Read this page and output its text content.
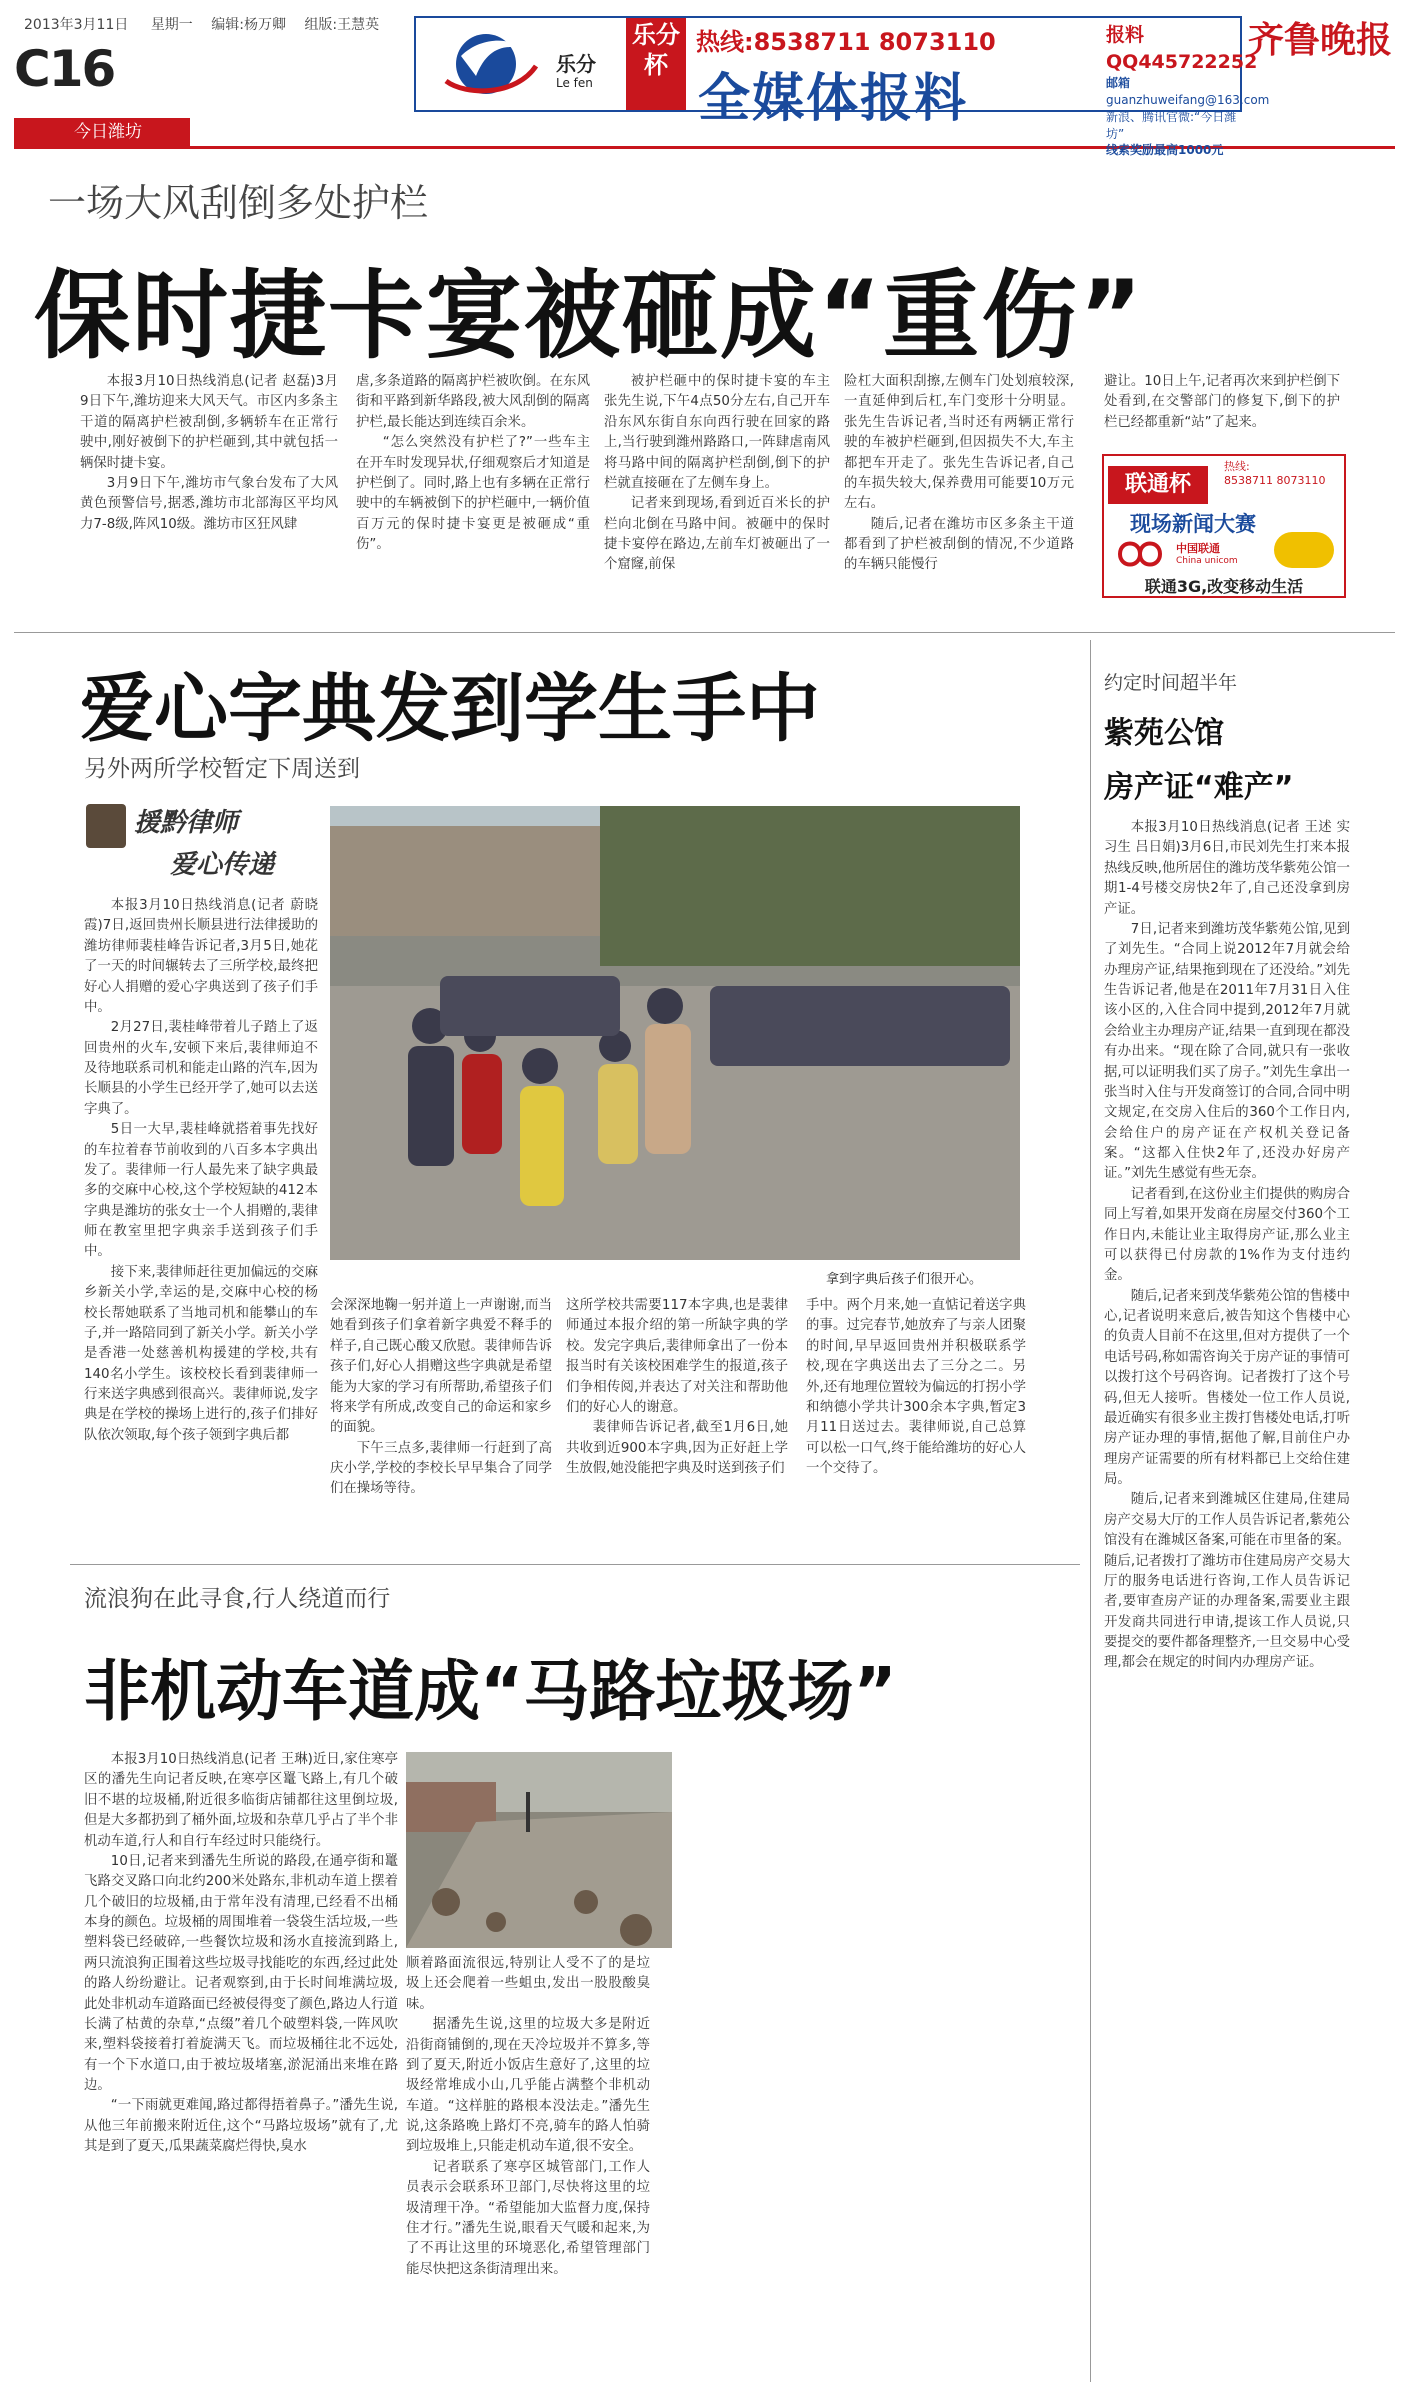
2013年3月11日 星期一 编辑:杨万卿 组版:王慧英
C16
今日潍坊
齐鲁晚报
乐分
Le fen
乐分杯
热线:8538711 8073110
全媒体报料
报料QQ445722252
邮箱 guanzhuweifang@163.com
新浪、腾讯官微:“今日潍坊”
线索奖励最高1000元
一场大风刮倒多处护栏
保时捷卡宴被砸成“重伤”

本报3月10日热线消息(记者 赵磊)3月9日下午,潍坊迎来大风天气。市区内多条主干道的隔离护栏被刮倒,多辆轿车在正常行驶中,刚好被倒下的护栏砸到,其中就包括一辆保时捷卡宴。

3月9日下午,潍坊市气象台发布了大风黄色预警信号,据悉,潍坊市北部海区平均风力7-8级,阵风10级。潍坊市区狂风肆

虐,多条道路的隔离护栏被吹倒。在东风街和平路到新华路段,被大风刮倒的隔离护栏,最长能达到连续百余米。

“怎么突然没有护栏了?”一些车主在开车时发现异状,仔细观察后才知道是护栏倒了。同时,路上也有多辆在正常行驶中的车辆被倒下的护栏砸中,一辆价值百万元的保时捷卡宴更是被砸成“重伤”。

被护栏砸中的保时捷卡宴的车主张先生说,下午4点50分左右,自己开车沿东风东街自东向西行驶在回家的路上,当行驶到潍州路路口,一阵肆虐南风将马路中间的隔离护栏刮倒,倒下的护栏就直接砸在了左侧车身上。

记者来到现场,看到近百米长的护栏向北倒在马路中间。被砸中的保时捷卡宴停在路边,左前车灯被砸出了一个窟窿,前保

险杠大面积刮擦,左侧车门处划痕较深,一直延伸到后杠,车门变形十分明显。张先生告诉记者,当时还有两辆正常行驶的车被护栏砸到,但因损失不大,车主都把车开走了。张先生告诉记者,自己的车损失较大,保养费用可能要10万元左右。

随后,记者在潍坊市区多条主干道都看到了护栏被刮倒的情况,不少道路的车辆只能慢行

避让。10日上午,记者再次来到护栏倒下处看到,在交警部门的修复下,倒下的护栏已经都重新“站”了起来。

联通杯
热线:
8538711 8073110
现场新闻大赛
中国联通
China unicom
联通3G,改变移动生活
爱心字典发到学生手中
另外两所学校暂定下周送到
援黔律师
爱心传递

本报3月10日热线消息(记者 蔚晓霞)7日,返回贵州长顺县进行法律援助的潍坊律师裴桂峰告诉记者,3月5日,她花了一天的时间辗转去了三所学校,最终把好心人捐赠的爱心字典送到了孩子们手中。

2月27日,裴桂峰带着儿子踏上了返回贵州的火车,安顿下来后,裴律师迫不及待地联系司机和能走山路的汽车,因为长顺县的小学生已经开学了,她可以去送字典了。

5日一大早,裴桂峰就搭着事先找好的车拉着春节前收到的八百多本字典出发了。裴律师一行人最先来了缺字典最多的交麻中心校,这个学校短缺的412本字典是潍坊的张女士一个人捐赠的,裴律师在教室里把字典亲手送到孩子们手中。

接下来,裴律师赶往更加偏远的交麻乡新关小学,幸运的是,交麻中心校的杨校长帮她联系了当地司机和能攀山的车子,并一路陪同到了新关小学。新关小学是香港一处慈善机构援建的学校,共有140名小学生。该校校长看到裴律师一行来送字典感到很高兴。裴律师说,发字典是在学校的操场上进行的,孩子们排好队依次领取,每个孩子领到字典后都

拿到字典后孩子们很开心。

会深深地鞠一躬并道上一声谢谢,而当她看到孩子们拿着新字典爱不释手的样子,自己既心酸又欣慰。裴律师告诉孩子们,好心人捐赠这些字典就是希望能为大家的学习有所帮助,希望孩子们将来学有所成,改变自己的命运和家乡的面貌。

下午三点多,裴律师一行赶到了高庆小学,学校的李校长早早集合了同学们在操场等待。

这所学校共需要117本字典,也是裴律师通过本报介绍的第一所缺字典的学校。发完字典后,裴律师拿出了一份本报当时有关该校困难学生的报道,孩子们争相传阅,并表达了对关注和帮助他们的好心人的谢意。

裴律师告诉记者,截至1月6日,她共收到近900本字典,因为正好赶上学生放假,她没能把字典及时送到孩子们

手中。两个月来,她一直惦记着送字典的事。过完春节,她放弃了与亲人团聚的时间,早早返回贵州并积极联系学校,现在字典送出去了三分之二。另外,还有地理位置较为偏远的打拐小学和纳德小学共计300余本字典,暂定3月11日送过去。裴律师说,自己总算可以松一口气,终于能给潍坊的好心人一个交待了。

流浪狗在此寻食,行人绕道而行
非机动车道成“马路垃圾场”

本报3月10日热线消息(记者 王琳)近日,家住寒亭区的潘先生向记者反映,在寒亭区鼍飞路上,有几个破旧不堪的垃圾桶,附近很多临街店铺都往这里倒垃圾,但是大多都扔到了桶外面,垃圾和杂草几乎占了半个非机动车道,行人和自行车经过时只能绕行。

10日,记者来到潘先生所说的路段,在通亭街和鼍飞路交叉路口向北约200米处路东,非机动车道上摆着几个破旧的垃圾桶,由于常年没有清理,已经看不出桶本身的颜色。垃圾桶的周围堆着一袋袋生活垃圾,一些塑料袋已经破碎,一些餐饮垃圾和汤水直接流到路上,两只流浪狗正围着这些垃圾寻找能吃的东西,经过此处的路人纷纷避让。记者观察到,由于长时间堆满垃圾,此处非机动车道路面已经被侵得变了颜色,路边人行道长满了枯黄的杂草,“点缀”着几个破塑料袋,一阵风吹来,塑料袋接着打着旋满天飞。而垃圾桶往北不远处,有一个下水道口,由于被垃圾堵塞,淤泥涌出来堆在路边。

“一下雨就更难闻,路过都得捂着鼻子。”潘先生说,从他三年前搬来附近住,这个“马路垃圾场”就有了,尤其是到了夏天,瓜果蔬菜腐烂得快,臭水

顺着路面流很远,特别让人受不了的是垃圾上还会爬着一些蛆虫,发出一股股酸臭味。

据潘先生说,这里的垃圾大多是附近沿街商铺倒的,现在天冷垃圾并不算多,等到了夏天,附近小饭店生意好了,这里的垃圾经常堆成小山,几乎能占满整个非机动车道。“这样脏的路根本没法走。”潘先生说,这条路晚上路灯不亮,骑车的路人怕骑到垃圾堆上,只能走机动车道,很不安全。

记者联系了寒亭区城管部门,工作人员表示会联系环卫部门,尽快将这里的垃圾清理干净。“希望能加大监督力度,保持住才行。”潘先生说,眼看天气暖和起来,为了不再让这里的环境恶化,希望管理部门能尽快把这条街清理出来。

约定时间超半年
紫苑公馆
房产证“难产”

本报3月10日热线消息(记者 王述 实习生 吕日娟)3月6日,市民刘先生打来本报热线反映,他所居住的潍坊茂华紫苑公馆一期1-4号楼交房快2年了,自己还没拿到房产证。

7日,记者来到潍坊茂华紫苑公馆,见到了刘先生。“合同上说2012年7月就会给办理房产证,结果拖到现在了还没给。”刘先生告诉记者,他是在2011年7月31日入住该小区的,入住合同中提到,2012年7月就会给业主办理房产证,结果一直到现在都没有办出来。“现在除了合同,就只有一张收据,可以证明我们买了房子。”刘先生拿出一张当时入住与开发商签订的合同,合同中明文规定,在交房入住后的360个工作日内,会给住户的房产证在产权机关登记备案。“这都入住快2年了,还没办好房产证。”刘先生感觉有些无奈。

记者看到,在这份业主们提供的购房合同上写着,如果开发商在房屋交付360个工作日内,未能让业主取得房产证,那么业主可以获得已付房款的1%作为支付违约金。

随后,记者来到茂华紫苑公馆的售楼中心,记者说明来意后,被告知这个售楼中心的负责人目前不在这里,但对方提供了一个电话号码,称如需咨询关于房产证的事情可以拨打这个号码咨询。记者拨打了这个号码,但无人接听。售楼处一位工作人员说,最近确实有很多业主拨打售楼处电话,打听房产证办理的事情,据他了解,目前住户办理房产证需要的所有材料都已上交给住建局。

随后,记者来到潍城区住建局,住建局房产交易大厅的工作人员告诉记者,紫苑公馆没有在潍城区备案,可能在市里备的案。随后,记者拨打了潍坊市住建局房产交易大厅的服务电话进行咨询,工作人员告诉记者,要审查房产证的办理备案,需要业主跟开发商共同进行申请,提该工作人员说,只要提交的要件都备理整齐,一旦交易中心受理,都会在规定的时间内办理房产证。
